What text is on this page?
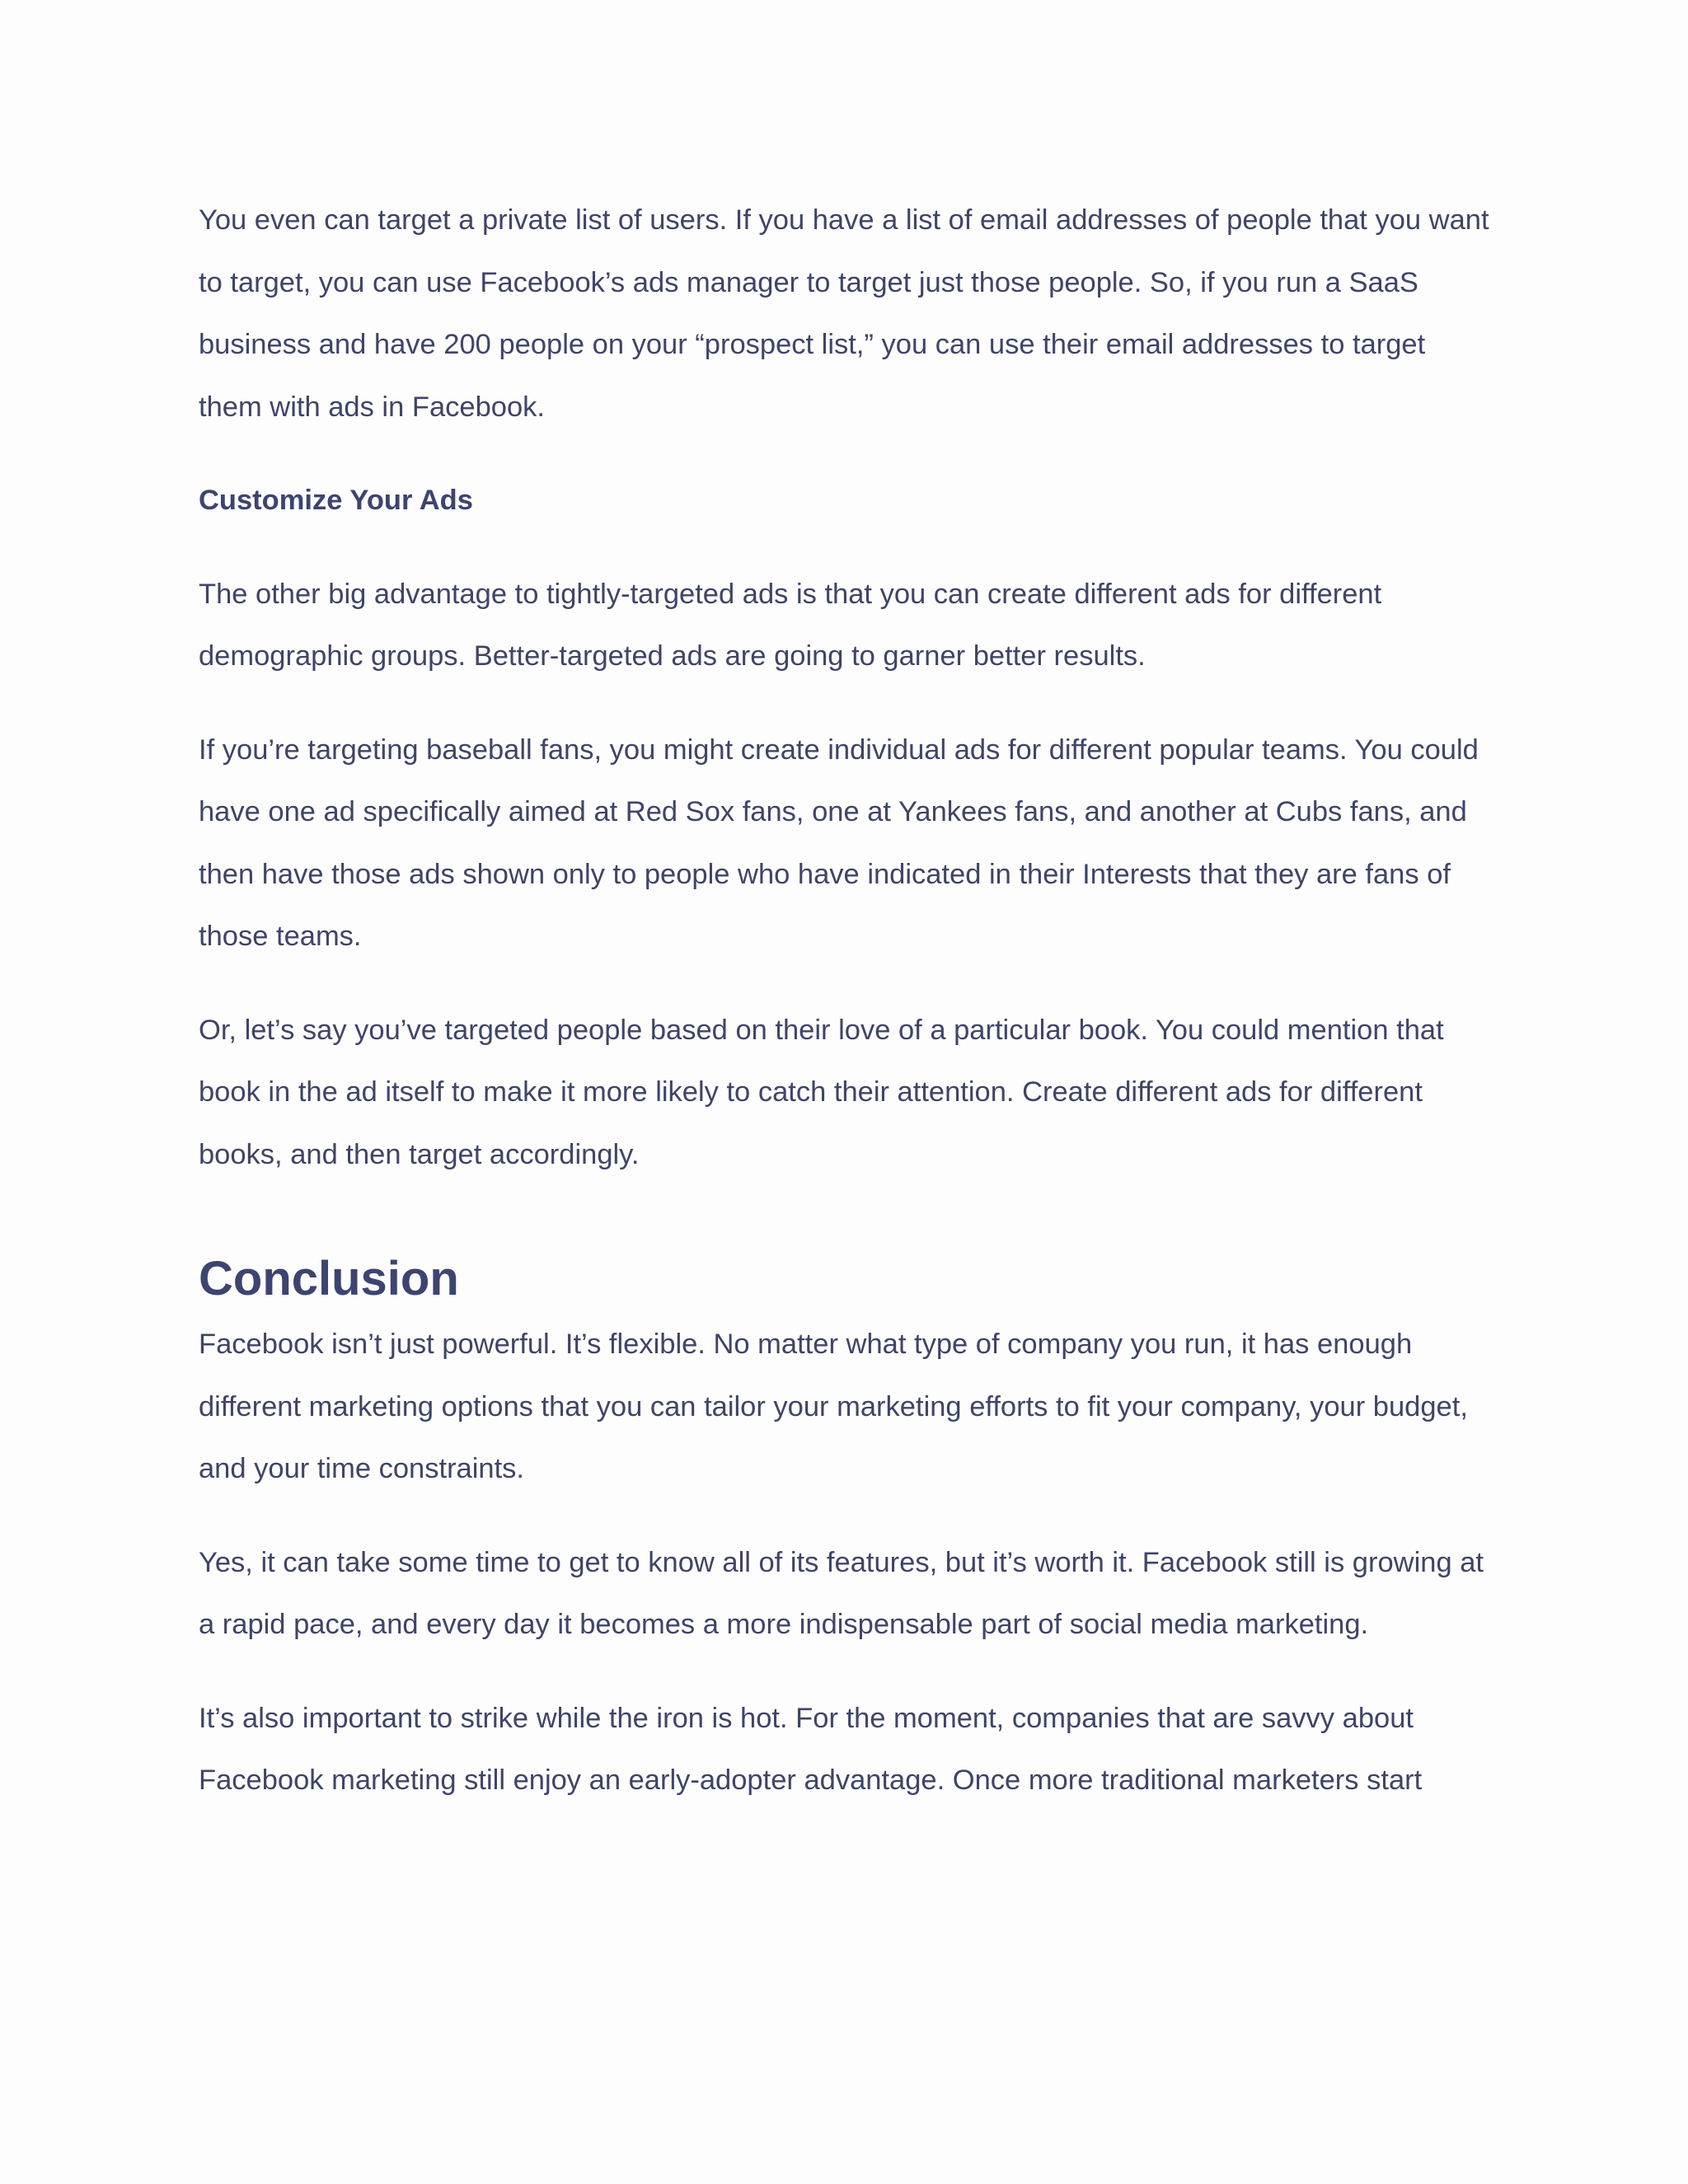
You even can target a private list of users. If you have a list of email addresses of people that you want to target, you can use Facebook’s ads manager to target just those people. So, if you run a SaaS business and have 200 people on your “prospect list,” you can use their email addresses to target them with ads in Facebook.

Customize Your Ads

The other big advantage to tightly-targeted ads is that you can create different ads for different demographic groups. Better-targeted ads are going to garner better results.

If you’re targeting baseball fans, you might create individual ads for different popular teams. You could have one ad specifically aimed at Red Sox fans, one at Yankees fans, and another at Cubs fans, and then have those ads shown only to people who have indicated in their Interests that they are fans of those teams.

Or, let’s say you’ve targeted people based on their love of a particular book. You could mention that book in the ad itself to make it more likely to catch their attention. Create different ads for different books, and then target accordingly.

Conclusion

Facebook isn’t just powerful. It’s flexible. No matter what type of company you run, it has enough different marketing options that you can tailor your marketing efforts to fit your company, your budget, and your time constraints.

Yes, it can take some time to get to know all of its features, but it’s worth it. Facebook still is growing at a rapid pace, and every day it becomes a more indispensable part of social media marketing.

It’s also important to strike while the iron is hot. For the moment, companies that are savvy about Facebook marketing still enjoy an early-adopter advantage. Once more traditional marketers start
